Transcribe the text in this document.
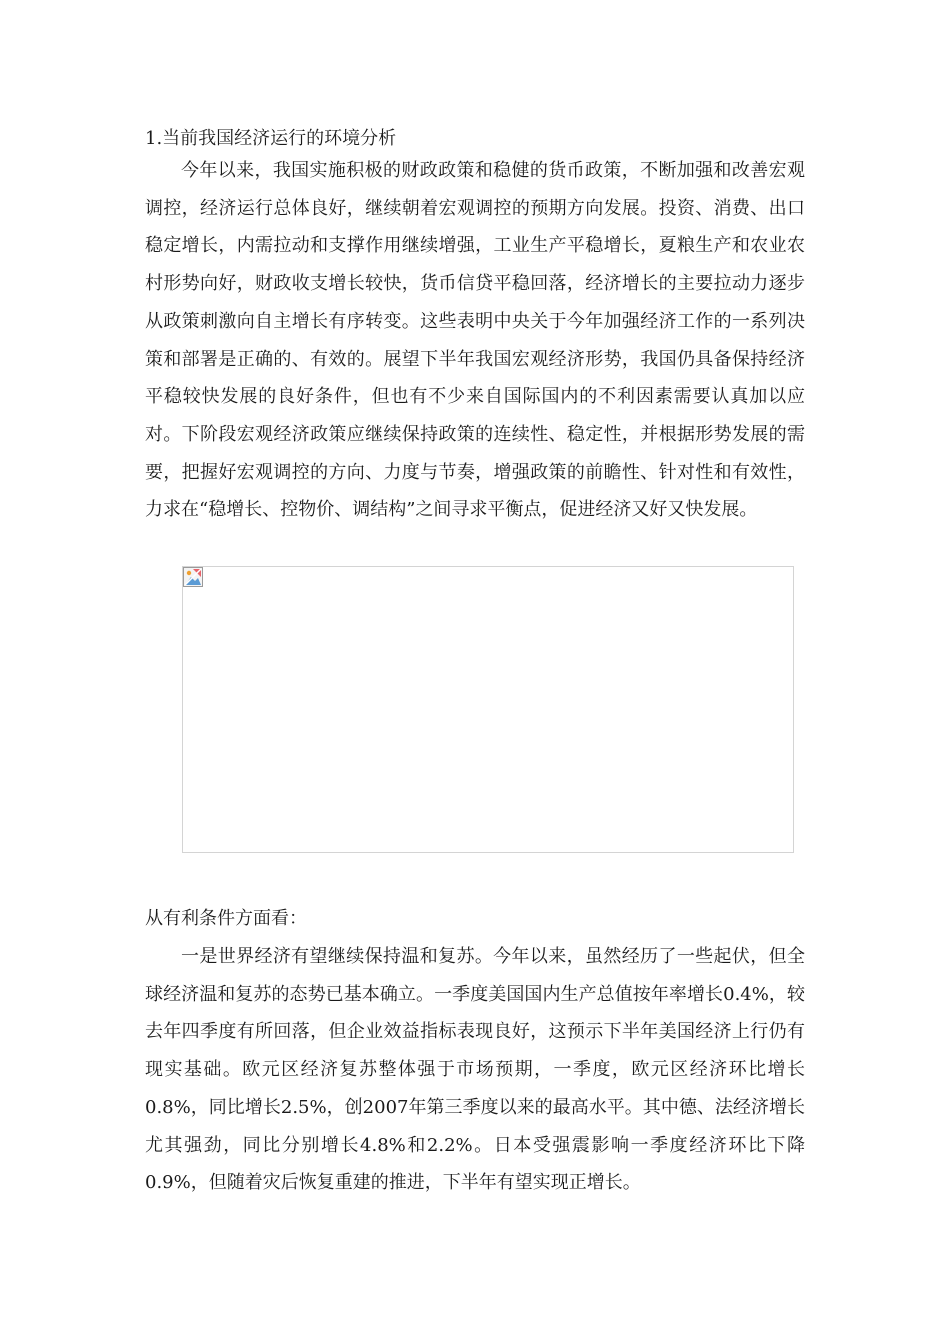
1.当前我国经济运行的环境分析

今年以来，我国实施积极的财政政策和稳健的货币政策，不断加强和改善宏观调控，经济运行总体良好，继续朝着宏观调控的预期方向发展。投资、消费、出口稳定增长，内需拉动和支撑作用继续增强，工业生产平稳增长，夏粮生产和农业农村形势向好，财政收支增长较快，货币信贷平稳回落，经济增长的主要拉动力逐步从政策刺激向自主增长有序转变。这些表明中央关于今年加强经济工作的一系列决策和部署是正确的、有效的。展望下半年我国宏观经济形势，我国仍具备保持经济平稳较快发展的良好条件，但也有不少来自国际国内的不利因素需要认真加以应对。下阶段宏观经济政策应继续保持政策的连续性、稳定性，并根据形势发展的需要，把握好宏观调控的方向、力度与节奏，增强政策的前瞻性、针对性和有效性，力求在“稳增长、控物价、调结构”之间寻求平衡点，促进经济又好又快发展。

从有利条件方面看：

一是世界经济有望继续保持温和复苏。今年以来，虽然经历了一些起伏，但全球经济温和复苏的态势已基本确立。一季度美国国内生产总值按年率增长0.4%，较去年四季度有所回落，但企业效益指标表现良好，这预示下半年美国经济上行仍有现实基础。欧元区经济复苏整体强于市场预期，一季度，欧元区经济环比增长0.8%，同比增长2.5%，创2007年第三季度以来的最高水平。其中德、法经济增长尤其强劲，同比分别增长4.8%和2.2%。日本受强震影响一季度经济环比下降0.9%，但随着灾后恢复重建的推进，下半年有望实现正增长。
